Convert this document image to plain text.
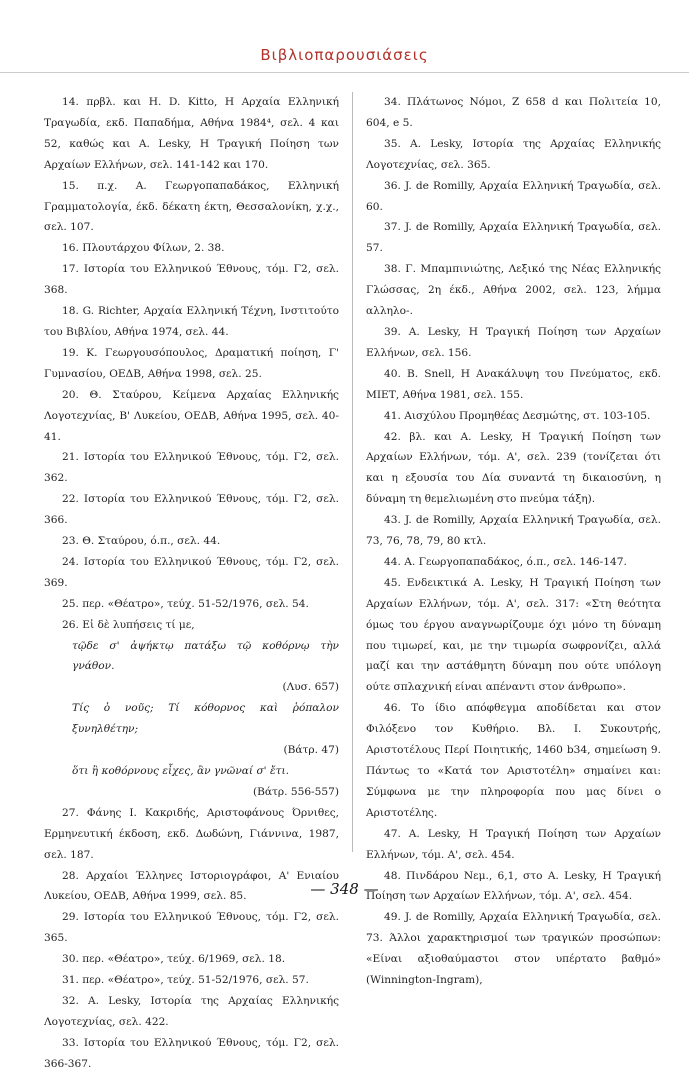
Βιβλιοπαρουσιάσεις

14. πρβλ. και H. D. Kitto, Η Αρχαία Ελληνική Τραγωδία, εκδ. Παπαδήμα, Αθήνα 1984⁴, σελ. 4 και 52, καθώς και A. Lesky, Η Τραγική Ποίηση των Αρχαίων Ελλήνων, σελ. 141-142 και 170.

15. π.χ. Α. Γεωργοπαπαδάκος, Ελληνική Γραμματολογία, έκδ. δέκατη έκτη, Θεσσαλονίκη, χ.χ., σελ. 107.

16. Πλουτάρχου Φίλων, 2. 38.

17. Ιστορία του Ελληνικού Έθνους, τόμ. Γ2, σελ. 368.

18. G. Richter, Αρχαία Ελληνική Τέχνη, Ινστιτούτο του Βιβλίου, Αθήνα 1974, σελ. 44.

19. Κ. Γεωργουσόπουλος, Δραματική ποίηση, Γ' Γυμνασίου, ΟΕΔΒ, Αθήνα 1998, σελ. 25.

20. Θ. Σταύρου, Κείμενα Αρχαίας Ελληνικής Λογοτεχνίας, Β' Λυκείου, ΟΕΔΒ, Αθήνα 1995, σελ. 40-41.

21. Ιστορία του Ελληνικού Έθνους, τόμ. Γ2, σελ. 362.

22. Ιστορία του Ελληνικού Έθνους, τόμ. Γ2, σελ. 366.

23. Θ. Σταύρου, ό.π., σελ. 44.

24. Ιστορία του Ελληνικού Έθνους, τόμ. Γ2, σελ. 369.

25. περ. «Θέατρο», τεύχ. 51-52/1976, σελ. 54.

26. Εἰ δὲ λυπήσεις τί με,

τῷδε σ' ἀψήκτῳ πατάξω τῷ κοθόρνῳ τὴν γνάθον.

(Λυσ. 657)

Τίς ὁ νοῦς; Τί κόθορνος καὶ ῥόπαλον ξυνηλθέτην;

(Βάτρ. 47)

ὅτι ἢ κοθόρνους εἶχες, ἂν γνῶναί σ' ἔτι.

(Βάτρ. 556-557)

27. Φάνης Ι. Κακριδής, Αριστοφάνους Όρνιθες, Ερμηνευτική έκδοση, εκδ. Δωδώνη, Γιάννινα, 1987, σελ. 187.

28. Αρχαίοι Έλληνες Ιστοριογράφοι, Α' Ενιαίου Λυκείου, ΟΕΔΒ, Αθήνα 1999, σελ. 85.

29. Ιστορία του Ελληνικού Έθνους, τόμ. Γ2, σελ. 365.

30. περ. «Θέατρο», τεύχ. 6/1969, σελ. 18.

31. περ. «Θέατρο», τεύχ. 51-52/1976, σελ. 57.

32. A. Lesky, Ιστορία της Αρχαίας Ελληνικής Λογοτεχνίας, σελ. 422.

33. Ιστορία του Ελληνικού Έθνους, τόμ. Γ2, σελ. 366-367.

34. Πλάτωνος Νόμοι, Ζ 658 d και Πολιτεία 10, 604, e 5.

35. A. Lesky, Ιστορία της Αρχαίας Ελληνικής Λογοτεχνίας, σελ. 365.

36. J. de Romilly, Αρχαία Ελληνική Τραγωδία, σελ. 60.

37. J. de Romilly, Αρχαία Ελληνική Τραγωδία, σελ. 57.

38. Γ. Μπαμπινιώτης, Λεξικό της Νέας Ελληνικής Γλώσσας, 2η έκδ., Αθήνα 2002, σελ. 123, λήμμα αλληλο-.

39. A. Lesky, Η Τραγική Ποίηση των Αρχαίων Ελλήνων, σελ. 156.

40. B. Snell, Η Ανακάλυψη του Πνεύματος, εκδ. ΜΙΕΤ, Αθήνα 1981, σελ. 155.

41. Αισχύλου Προμηθέας Δεσμώτης, στ. 103-105.

42. βλ. και A. Lesky, Η Τραγική Ποίηση των Αρχαίων Ελλήνων, τόμ. Α', σελ. 239 (τονίζεται ότι και η εξουσία του Δία συναντά τη δικαιοσύνη, η δύναμη τη θεμελιωμένη στο πνεύμα τάξη).

43. J. de Romilly, Αρχαία Ελληνική Τραγωδία, σελ. 73, 76, 78, 79, 80 κτλ.

44. Α. Γεωργοπαπαδάκος, ό.π., σελ. 146-147.

45. Ενδεικτικά A. Lesky, Η Τραγική Ποίηση των Αρχαίων Ελλήνων, τόμ. Α', σελ. 317: «Στη θεότητα όμως του έργου αναγνωρίζουμε όχι μόνο τη δύναμη που τιμωρεί, και, με την τιμωρία σωφρονίζει, αλλά μαζί και την αστάθμητη δύναμη που ούτε υπόλογη ούτε σπλαχνική είναι απέναντι στον άνθρωπο».

46. Το ίδιο απόφθεγμα αποδίδεται και στον Φιλόξενο τον Κυθήριο. Βλ. Ι. Συκουτρής, Αριστοτέλους Περί Ποιητικής, 1460 b34, σημείωση 9. Πάντως το «Κατά τον Αριστοτέλη» σημαίνει και: Σύμφωνα με την πληροφορία που μας δίνει ο Αριστοτέλης.

47. A. Lesky, Η Τραγική Ποίηση των Αρχαίων Ελλήνων, τόμ. Α', σελ. 454.

48. Πινδάρου Νεμ., 6,1, στο A. Lesky, Η Τραγική Ποίηση των Αρχαίων Ελλήνων, τόμ. Α', σελ. 454.

49. J. de Romilly, Αρχαία Ελληνική Τραγωδία, σελ. 73. Άλλοι χαρακτηρισμοί των τραγικών προσώπων: «Είναι αξιοθαύμαστοι στον υπέρτατο βαθμό» (Winnington-Ingram),

— 348 —
